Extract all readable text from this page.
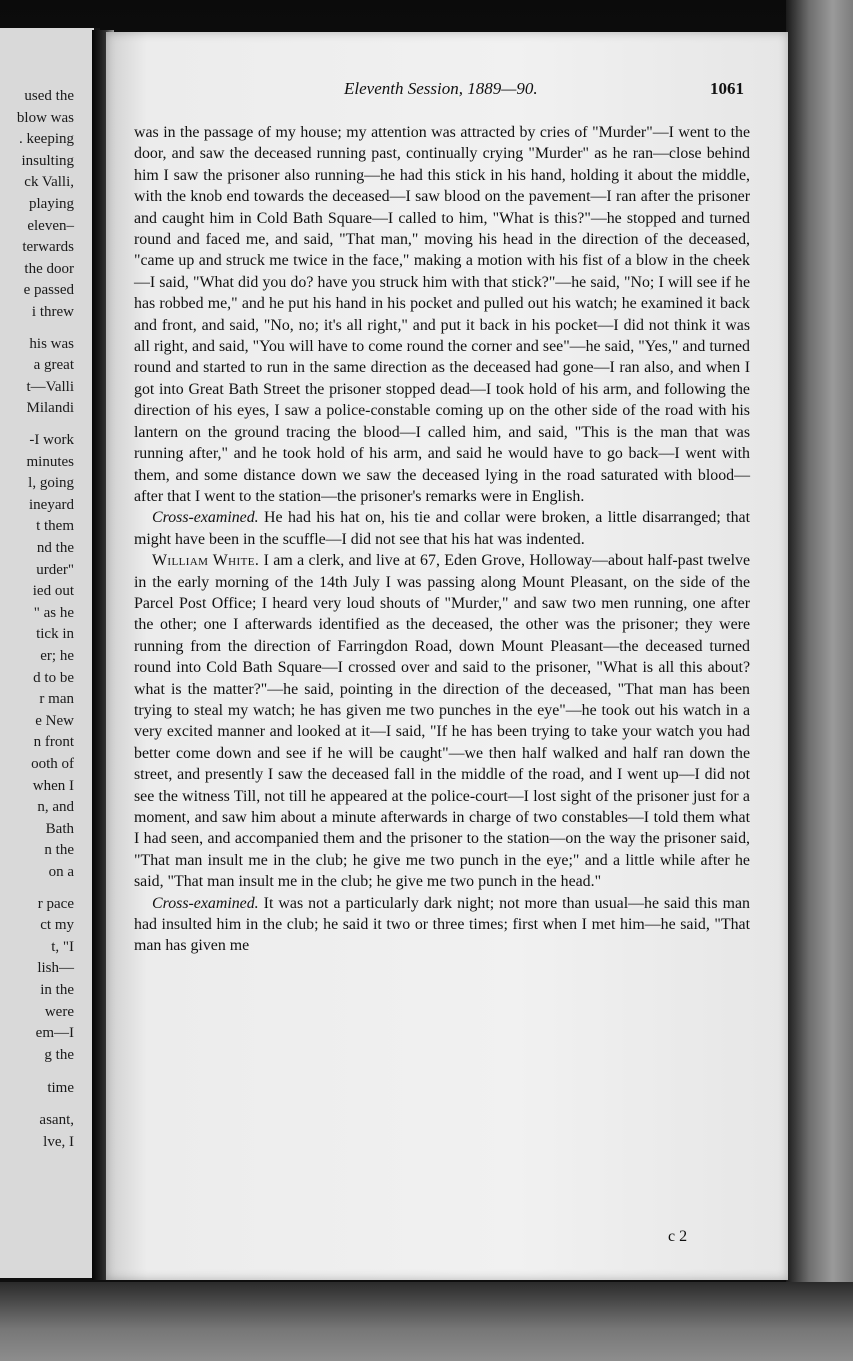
used the
blow was
. keeping
insulting
ck Valli,
playing
eleven–
terwards
the door
e passed
i threw
his was
a great
t—Valli
Milandi
-I work
minutes
l, going
ineyard
t them
nd the
urder"
ied out
" as he
tick in
er; he
d to be
r man
e New
n front
ooth of
when I
n, and
Bath
n the
on a
r pace
ct my
t, "I
lish—
in the
were
em—I
g the
time
asant,
lve, I
Eleventh Session, 1889—90.	1061

was in the passage of my house; my attention was attracted by cries of "Murder"—I went to the door, and saw the deceased running past, continually crying "Murder" as he ran—close behind him I saw the prisoner also running—he had this stick in his hand, holding it about the middle, with the knob end towards the deceased—I saw blood on the pavement—I ran after the prisoner and caught him in Cold Bath Square—I called to him, "What is this?"—he stopped and turned round and faced me, and said, "That man," moving his head in the direction of the deceased, "came up and struck me twice in the face," making a motion with his fist of a blow in the cheek—I said, "What did you do? have you struck him with that stick?"—he said, "No; I will see if he has robbed me," and he put his hand in his pocket and pulled out his watch; he examined it back and front, and said, "No, no; it's all right," and put it back in his pocket—I did not think it was all right, and said, "You will have to come round the corner and see"—he said, "Yes," and turned round and started to run in the same direction as the deceased had gone—I ran also, and when I got into Great Bath Street the prisoner stopped dead—I took hold of his arm, and following the direction of his eyes, I saw a police-constable coming up on the other side of the road with his lantern on the ground tracing the blood—I called him, and said, "This is the man that was running after," and he took hold of his arm, and said he would have to go back—I went with them, and some distance down we saw the deceased lying in the road saturated with blood—after that I went to the station—the prisoner's remarks were in English.

Cross-examined. He had his hat on, his tie and collar were broken, a little disarranged; that might have been in the scuffle—I did not see that his hat was indented.

William White. I am a clerk, and live at 67, Eden Grove, Holloway—about half-past twelve in the early morning of the 14th July I was passing along Mount Pleasant, on the side of the Parcel Post Office; I heard very loud shouts of "Murder," and saw two men running, one after the other; one I afterwards identified as the deceased, the other was the prisoner; they were running from the direction of Farringdon Road, down Mount Pleasant—the deceased turned round into Cold Bath Square—I crossed over and said to the prisoner, "What is all this about? what is the matter?"—he said, pointing in the direction of the deceased, "That man has been trying to steal my watch; he has given me two punches in the eye"—he took out his watch in a very excited manner and looked at it—I said, "If he has been trying to take your watch you had better come down and see if he will be caught"—we then half walked and half ran down the street, and presently I saw the deceased fall in the middle of the road, and I went up—I did not see the witness Till, not till he appeared at the police-court—I lost sight of the prisoner just for a moment, and saw him about a minute afterwards in charge of two constables—I told them what I had seen, and accompanied them and the prisoner to the station—on the way the prisoner said, "That man insult me in the club; he give me two punch in the eye;" and a little while after he said, "That man insult me in the club; he give me two punch in the head."

Cross-examined. It was not a particularly dark night; not more than usual—he said this man had insulted him in the club; he said it two or three times; first when I met him—he said, "That man has given me

c 2
